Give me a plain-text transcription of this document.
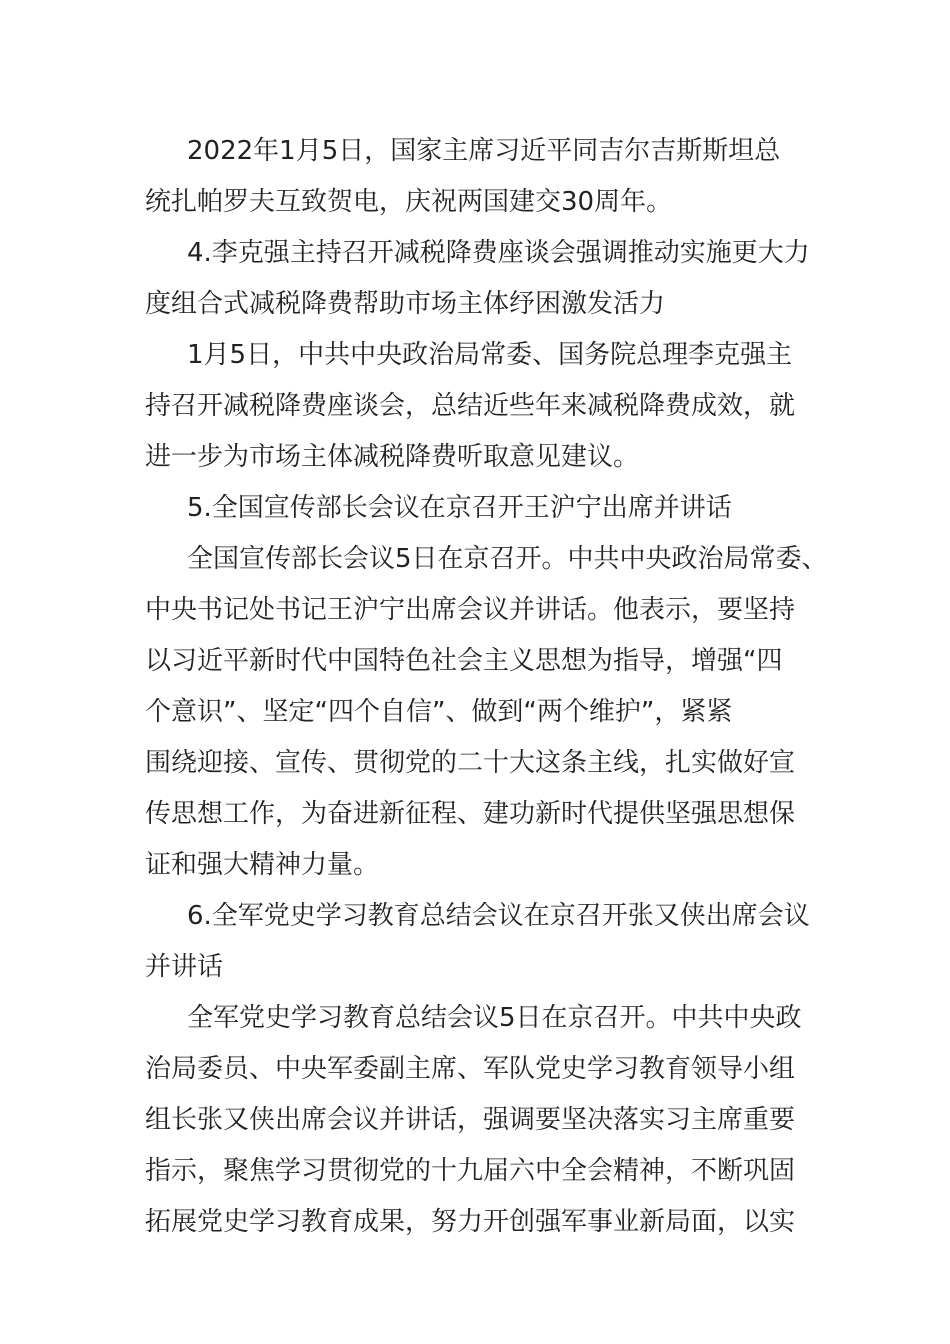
2022年1月5日，国家主席习近平同吉尔吉斯斯坦总
统扎帕罗夫互致贺电，庆祝两国建交30周年。

4.李克强主持召开减税降费座谈会强调推动实施更大力
度组合式减税降费帮助市场主体纾困激发活力

1月5日，中共中央政治局常委、国务院总理李克强主
持召开减税降费座谈会，总结近些年来减税降费成效，就
进一步为市场主体减税降费听取意见建议。

5.全国宣传部长会议在京召开王沪宁出席并讲话

全国宣传部长会议5日在京召开。中共中央政治局常委、
中央书记处书记王沪宁出席会议并讲话。他表示，要坚持
以习近平新时代中国特色社会主义思想为指导，增强“四
个意识”、坚定“四个自信”、做到“两个维护”，紧紧
围绕迎接、宣传、贯彻党的二十大这条主线，扎实做好宣
传思想工作，为奋进新征程、建功新时代提供坚强思想保
证和强大精神力量。

6.全军党史学习教育总结会议在京召开张又侠出席会议
并讲话

全军党史学习教育总结会议5日在京召开。中共中央政
治局委员、中央军委副主席、军队党史学习教育领导小组
组长张又侠出席会议并讲话，强调要坚决落实习主席重要
指示，聚焦学习贯彻党的十九届六中全会精神，不断巩固
拓展党史学习教育成果，努力开创强军事业新局面，以实
